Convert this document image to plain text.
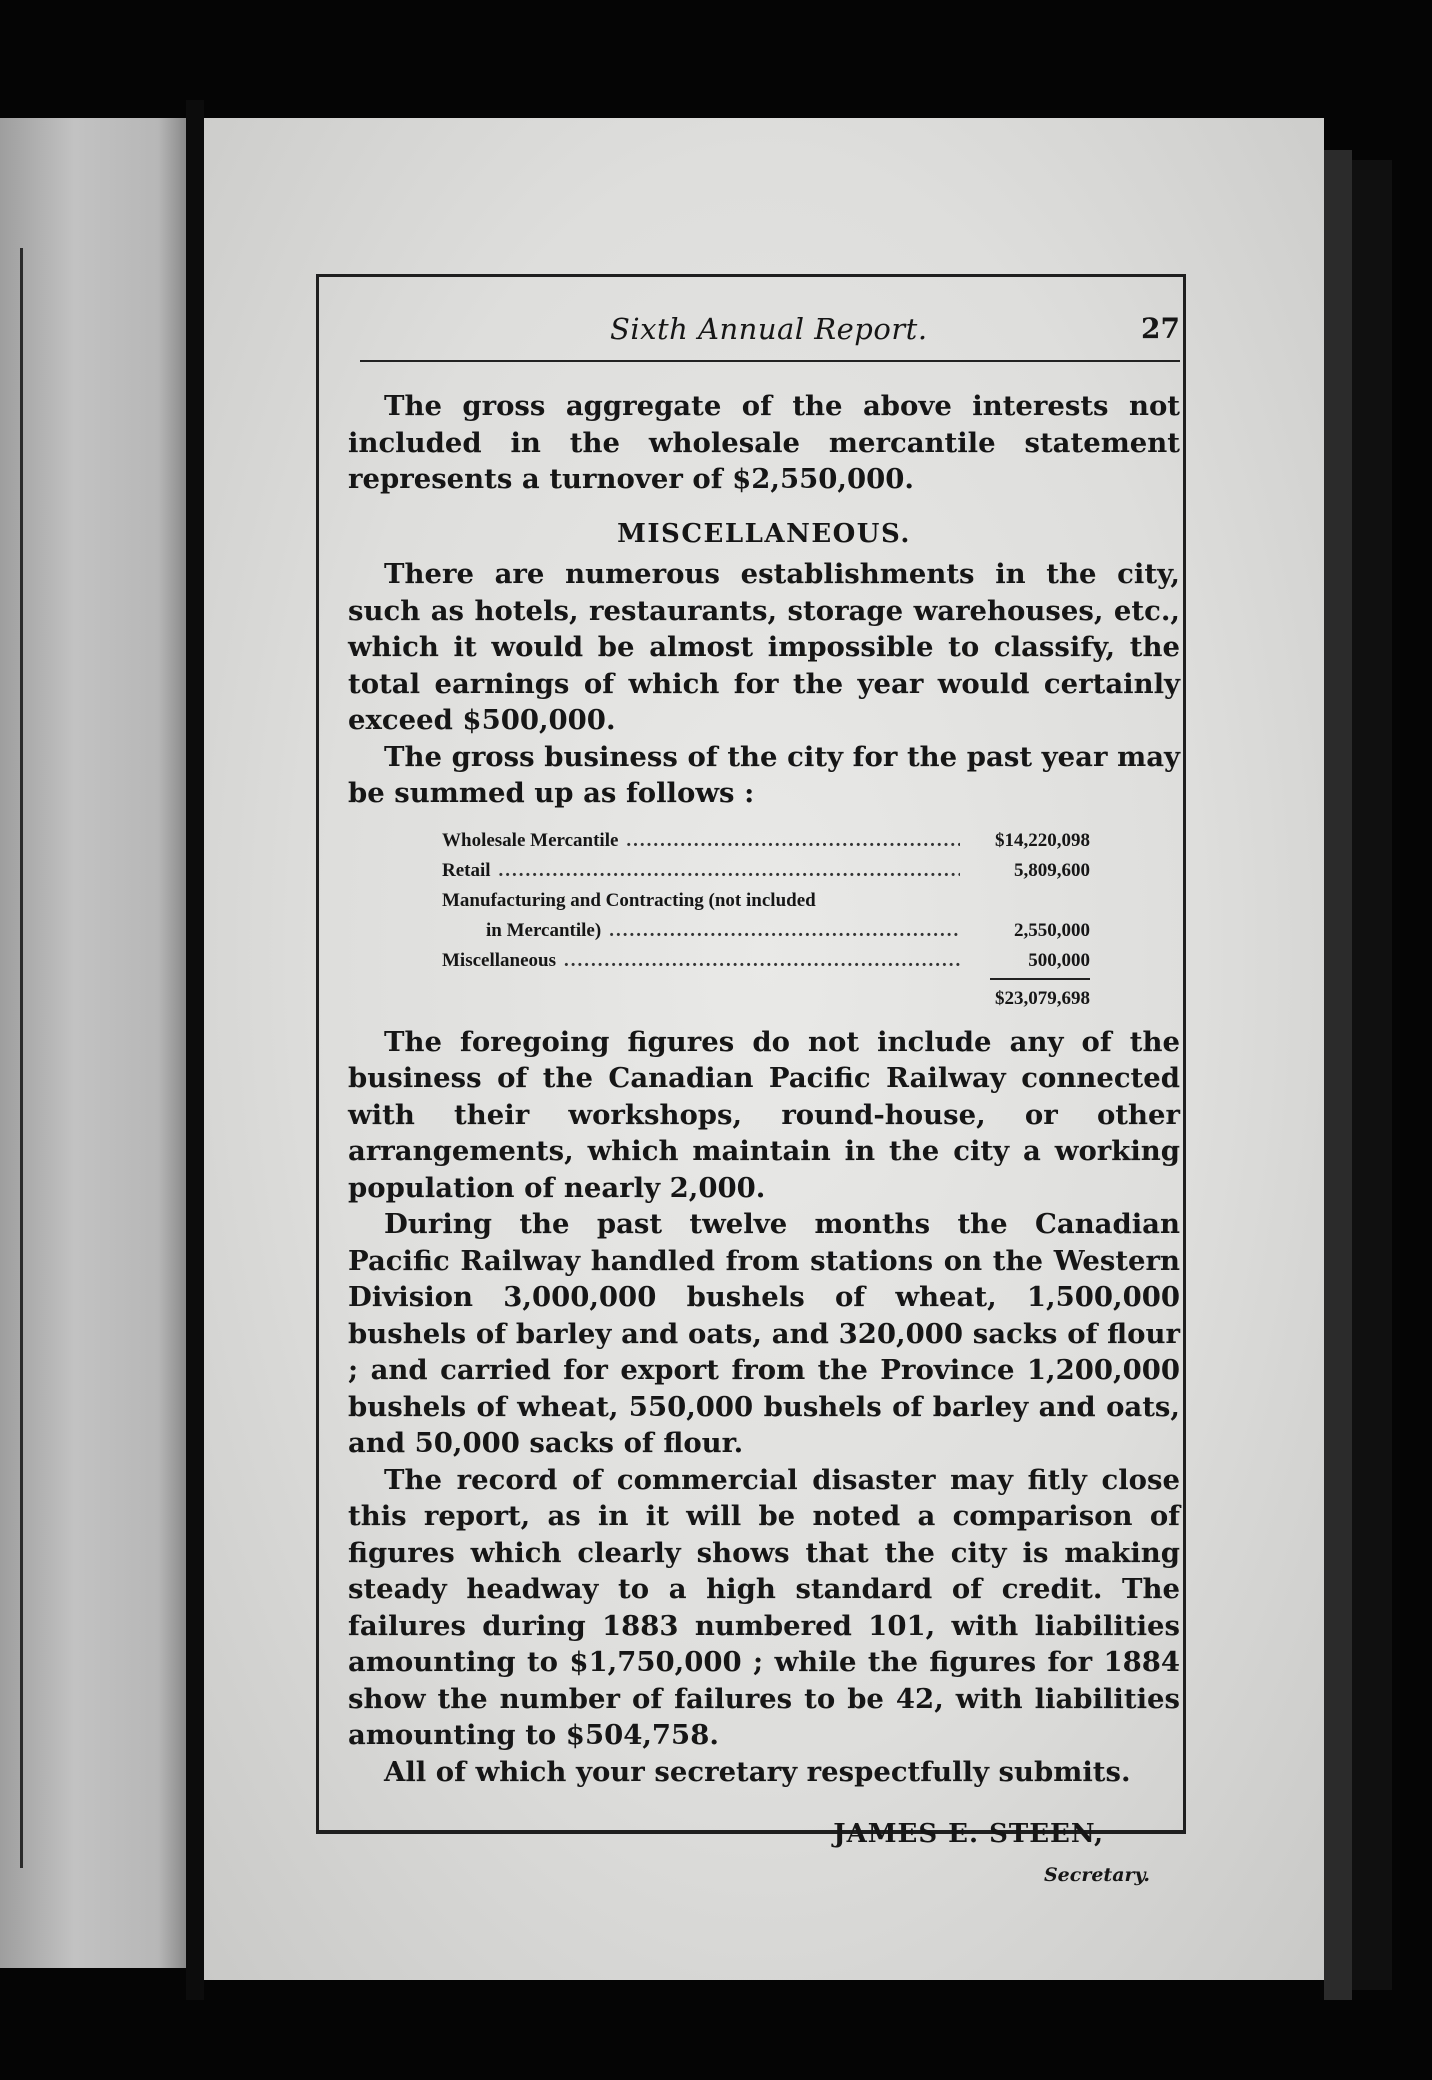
Sixth Annual Report.	27

The gross aggregate of the above interests not included in the wholesale mercantile statement represents a turnover of $2,550,000.

MISCELLANEOUS.

There are numerous establishments in the city, such as hotels, restaurants, storage warehouses, etc., which it would be almost impossible to classify, the total earnings of which for the year would certainly exceed $500,000.

The gross business of the city for the past year may be summed up as follows :

Wholesale Mercantile .....	$14,220,098
Retail .....	5,809,600
Manufacturing and Contracting (not included
in Mercantile) .....	2,550,000
Miscellaneous .....	500,000
$23,079,698

The foregoing figures do not include any of the business of the Canadian Pacific Railway connected with their workshops, round-house, or other arrangements, which maintain in the city a working population of nearly 2,000.

During the past twelve months the Canadian Pacific Railway handled from stations on the Western Division 3,000,000 bushels of wheat, 1,500,000 bushels of barley and oats, and 320,000 sacks of flour ; and carried for export from the Province 1,200,000 bushels of wheat, 550,000 bushels of barley and oats, and 50,000 sacks of flour.

The record of commercial disaster may fitly close this report, as in it will be noted a comparison of figures which clearly shows that the city is making steady headway to a high standard of credit. The failures during 1883 numbered 101, with liabilities amounting to $1,750,000 ; while the figures for 1884 show the number of failures to be 42, with liabilities amounting to $504,758.

All of which your secretary respectfully submits.

JAMES E. STEEN,
Secretary.
